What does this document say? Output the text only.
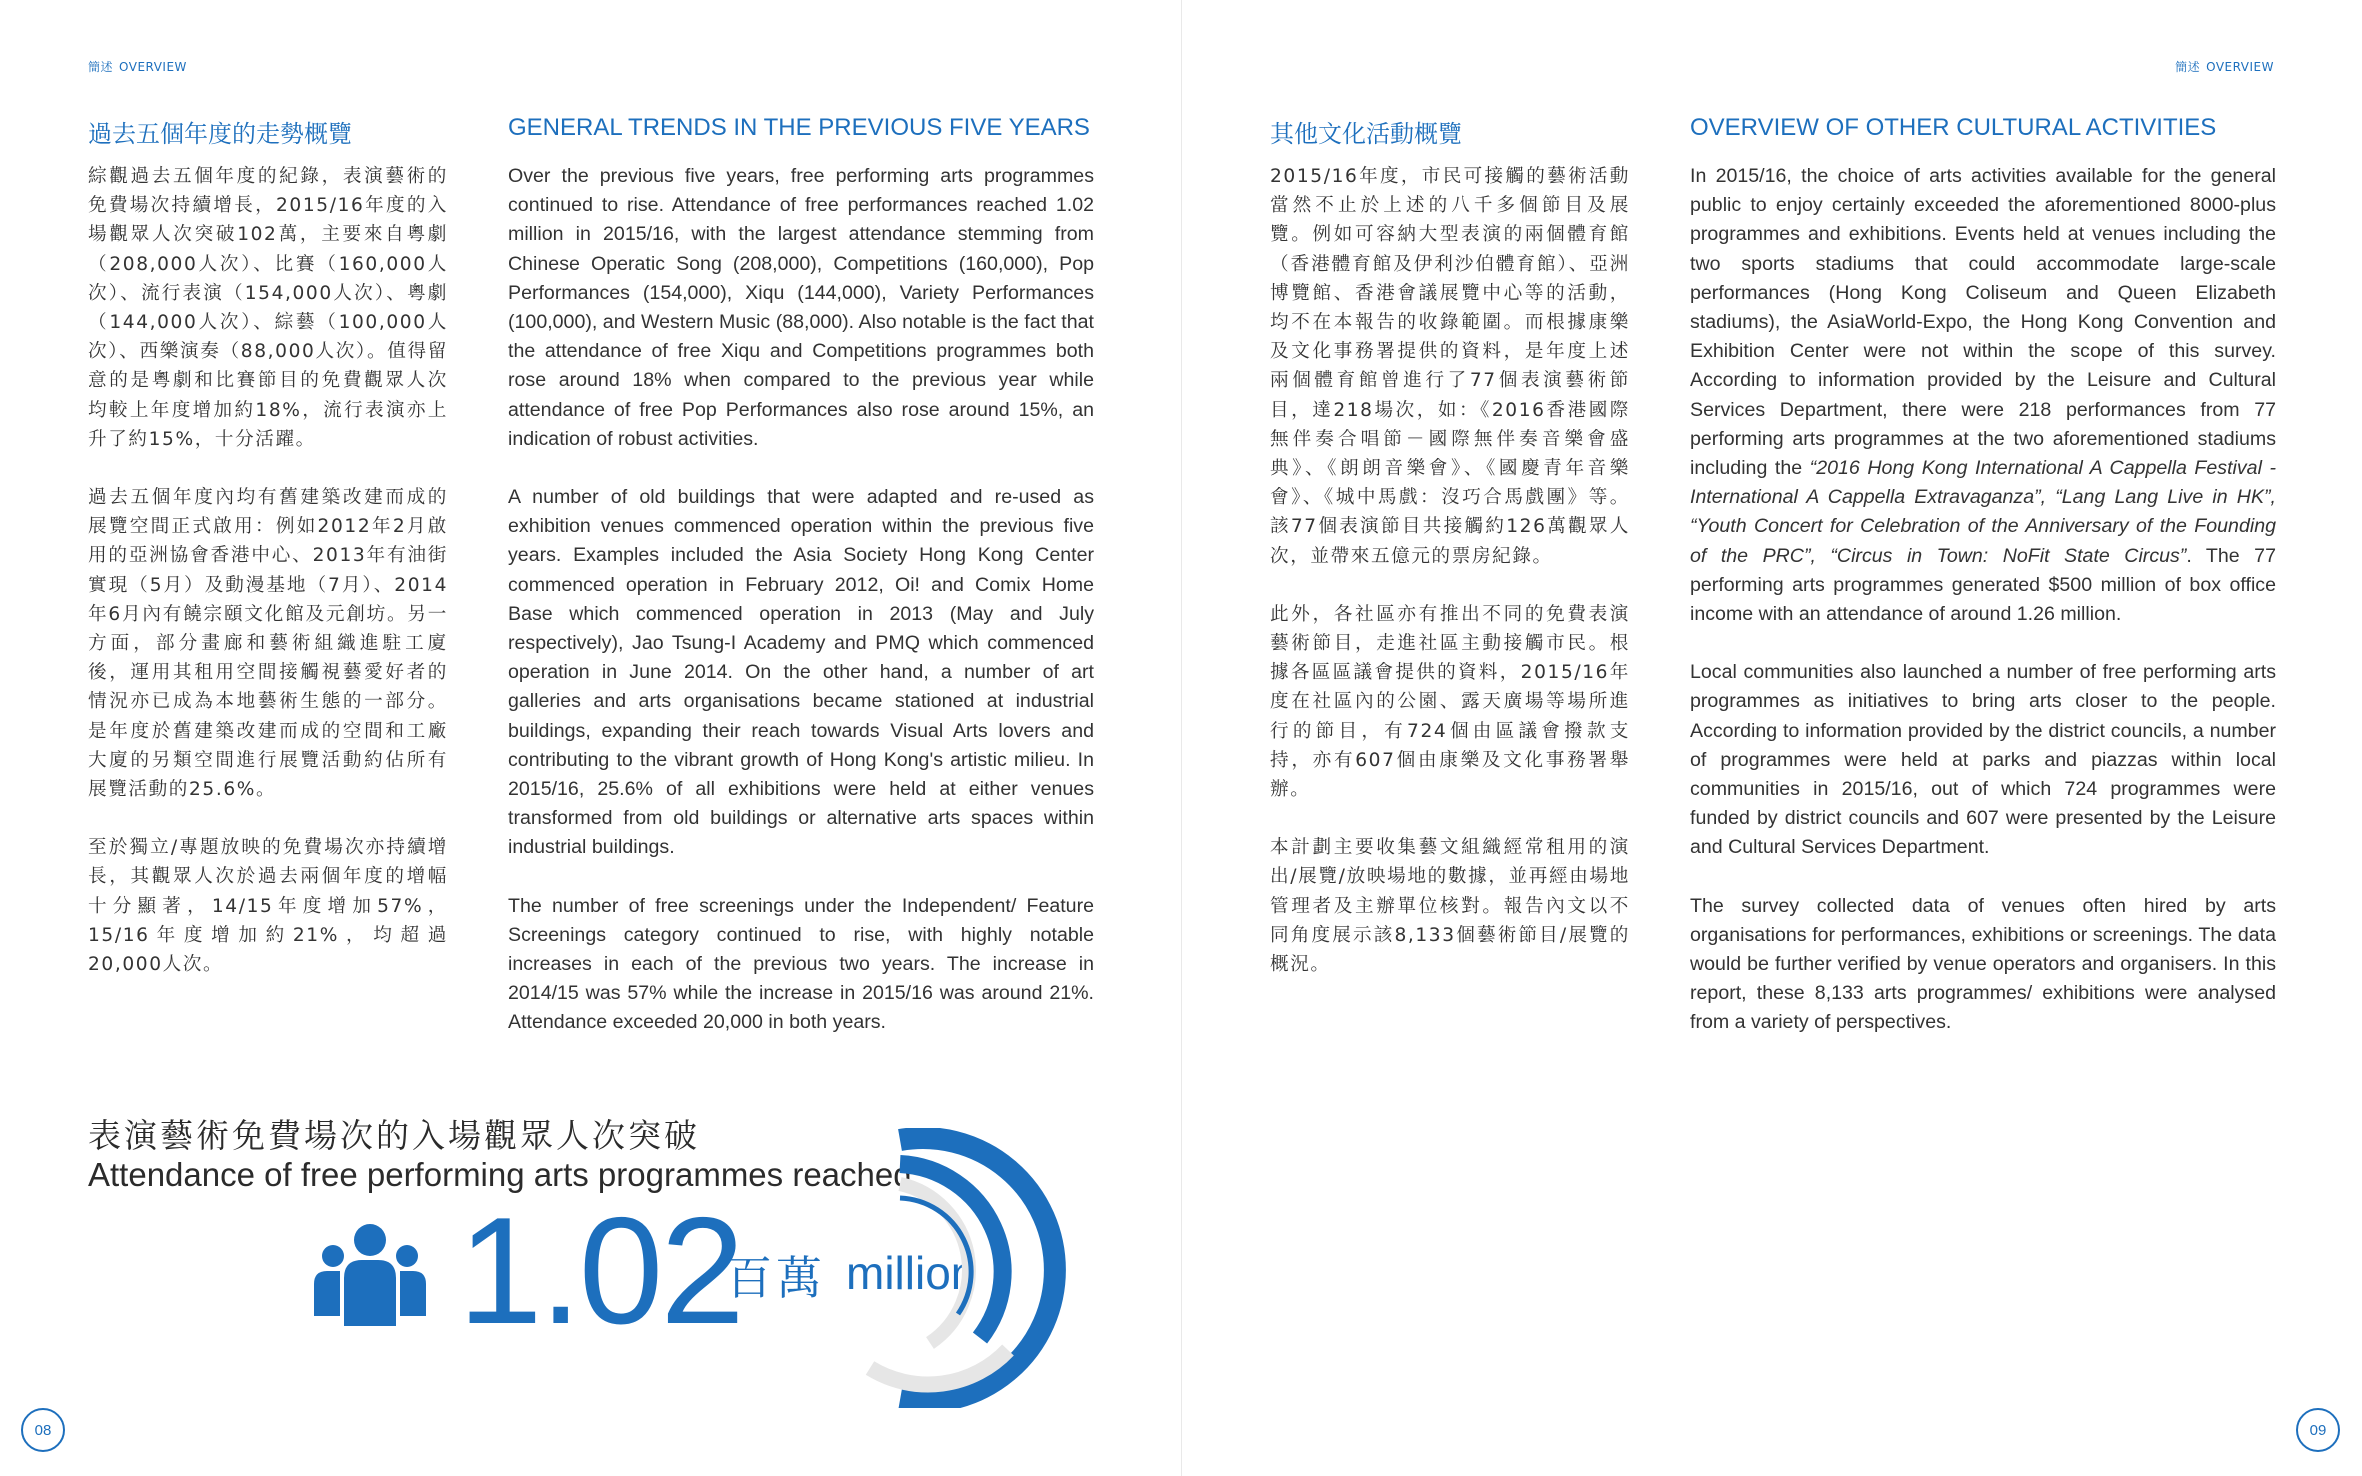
簡述 OVERVIEW
過去五個年度的走勢概覽	GENERAL TRENDS IN THE PREVIOUS FIVE YEARS

綜觀過去五個年度的紀錄，表演藝術的免費場次持續增長，2015/16年度的入場觀眾人次突破102萬，主要來自粵劇（208,000人次）、比賽（160,000人次）、流行表演（154,000人次）、粵劇（144,000人次）、綜藝（100,000人次）、西樂演奏（88,000人次）。值得留意的是粵劇和比賽節目的免費觀眾人次均較上年度增加約18%，流行表演亦上升了約15%，十分活躍。

過去五個年度內均有舊建築改建而成的展覽空間正式啟用：例如2012年2月啟用的亞洲協會香港中心、2013年有油街實現（5月）及動漫基地（7月）、2014年6月內有饒宗頤文化館及元創坊。另一方面，部分畫廊和藝術組織進駐工廈後，運用其租用空間接觸視藝愛好者的情況亦已成為本地藝術生態的一部分。是年度於舊建築改建而成的空間和工廠大廈的另類空間進行展覽活動約佔所有展覽活動的25.6%。

至於獨立/專題放映的免費場次亦持續增長，其觀眾人次於過去兩個年度的增幅十分顯著，14/15年度增加57%，15/16年度增加約21%，均超過20,000人次。

Over the previous five years, free performing arts programmes continued to rise. Attendance of free performances reached 1.02 million in 2015/16, with the largest attendance stemming from Chinese Operatic Song (208,000), Competitions (160,000), Pop Performances (154,000), Xiqu (144,000), Variety Performances (100,000), and Western Music (88,000). Also notable is the fact that the attendance of free Xiqu and Competitions programmes both rose around 18% when compared to the previous year while attendance of free Pop Performances also rose around 15%, an indication of robust activities.

A number of old buildings that were adapted and re-used as exhibition venues commenced operation within the previous five years. Examples included the Asia Society Hong Kong Center commenced operation in February 2012, Oi! and Comix Home Base which commenced operation in 2013 (May and July respectively), Jao Tsung-I Academy and PMQ which commenced operation in June 2014. On the other hand, a number of art galleries and arts organisations became stationed at industrial buildings, expanding their reach towards Visual Arts lovers and contributing to the vibrant growth of Hong Kong's artistic milieu. In 2015/16, 25.6% of all exhibitions were held at either venues transformed from old buildings or alternative arts spaces within industrial buildings.

The number of free screenings under the Independent/ Feature Screenings category continued to rise, with highly notable increases in each of the previous two years. The increase in 2014/15 was 57% while the increase in 2015/16 was around 21%. Attendance exceeded 20,000 in both years.

表演藝術免費場次的入場觀眾人次突破
Attendance of free performing arts programmes reached
1.02
百萬 million
08
簡述 OVERVIEW
其他文化活動概覽	OVERVIEW OF OTHER CULTURAL ACTIVITIES

2015/16年度，市民可接觸的藝術活動當然不止於上述的八千多個節目及展覽。例如可容納大型表演的兩個體育館（香港體育館及伊利沙伯體育館）、亞洲博覽館、香港會議展覽中心等的活動，均不在本報告的收錄範圍。而根據康樂及文化事務署提供的資料，是年度上述兩個體育館曾進行了77個表演藝術節目，達218場次，如：《2016香港國際無伴奏合唱節－國際無伴奏音樂會盛典》、《朗朗音樂會》、《國慶青年音樂會》、《城中馬戲：沒巧合馬戲團》等。該77個表演節目共接觸約126萬觀眾人次，並帶來五億元的票房紀錄。

此外，各社區亦有推出不同的免費表演藝術節目，走進社區主動接觸市民。根據各區區議會提供的資料，2015/16年度在社區內的公園、露天廣場等場所進行的節目，有724個由區議會撥款支持，亦有607個由康樂及文化事務署舉辦。

本計劃主要收集藝文組織經常租用的演出/展覽/放映場地的數據，並再經由場地管理者及主辦單位核對。報告內文以不同角度展示該8,133個藝術節目/展覽的概況。

In 2015/16, the choice of arts activities available for the general public to enjoy certainly exceeded the aforementioned 8000-plus programmes and exhibitions. Events held at venues including the two sports stadiums that could accommodate large-scale performances (Hong Kong Coliseum and Queen Elizabeth stadiums), the AsiaWorld-Expo, the Hong Kong Convention and Exhibition Center were not within the scope of this survey. According to information provided by the Leisure and Cultural Services Department, there were 218 performances from 77 performing arts programmes at the two aforementioned stadiums including the “2016 Hong Kong International A Cappella Festival - International A Cappella Extravaganza”, “Lang Lang Live in HK”, “Youth Concert for Celebration of the Anniversary of the Founding of the PRC”, “Circus in Town: NoFit State Circus”. The 77 performing arts programmes generated $500 million of box office income with an attendance of around 1.26 million.

Local communities also launched a number of free performing arts programmes as initiatives to bring arts closer to the people. According to information provided by the district councils, a number of programmes were held at parks and piazzas within local communities in 2015/16, out of which 724 programmes were funded by district councils and 607 were presented by the Leisure and Cultural Services Department.

The survey collected data of venues often hired by arts organisations for performances, exhibitions or screenings. The data would be further verified by venue operators and organisers. In this report, these 8,133 arts programmes/ exhibitions were analysed from a variety of perspectives.

09
